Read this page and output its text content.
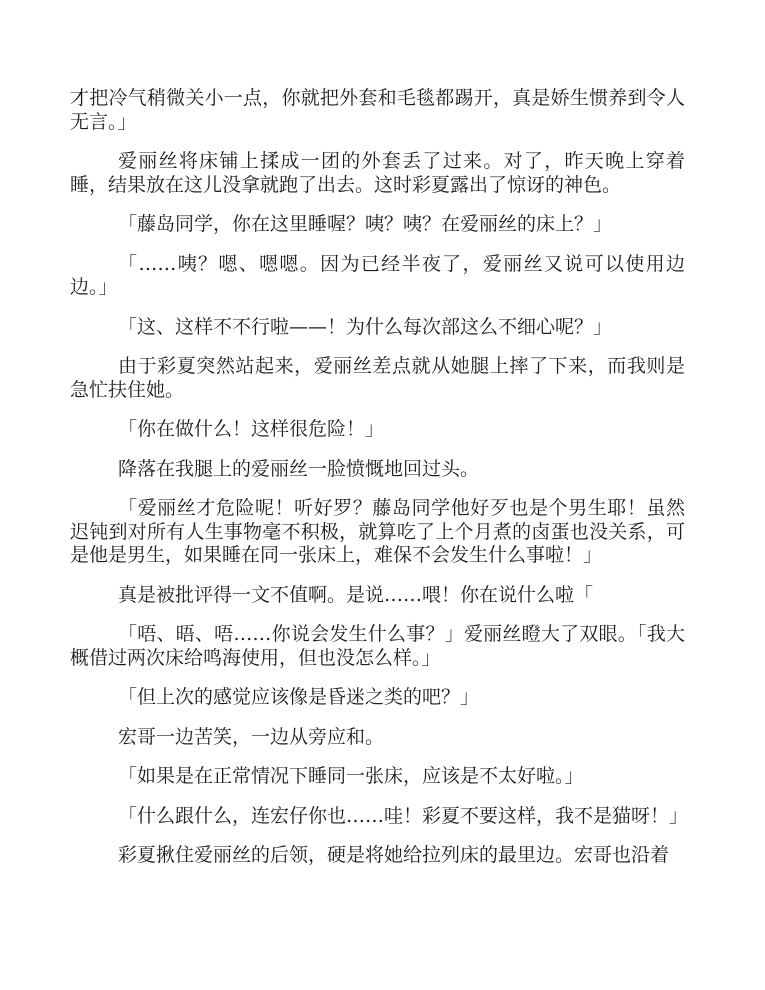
才把冷气稍微关小一点，你就把外套和毛毯都踢开，真是娇生惯养到令人无言。」

爱丽丝将床铺上揉成一团的外套丢了过来。对了，昨天晚上穿着睡，结果放在这儿没拿就跑了出去。这时彩夏露出了惊讶的神色。

「藤岛同学，你在这里睡喔？咦？咦？在爱丽丝的床上？」

「……咦？嗯、嗯嗯。因为已经半夜了，爱丽丝又说可以使用边边。」

「这、这样不不行啦——！为什么每次部这么不细心呢？」

由于彩夏突然站起来，爱丽丝差点就从她腿上摔了下来，而我则是急忙扶住她。

「你在做什么！这样很危险！」

降落在我腿上的爱丽丝一脸愤慨地回过头。

「爱丽丝才危险呢！听好罗？藤岛同学他好歹也是个男生耶！虽然迟钝到对所有人生事物毫不积极，就算吃了上个月煮的卤蛋也没关系，可是他是男生，如果睡在同一张床上，难保不会发生什么事啦！」

真是被批评得一文不值啊。是说……喂！你在说什么啦「

「唔、晤、唔……你说会发生什么事？」爱丽丝瞪大了双眼。「我大概借过两次床给鸣海使用，但也没怎么样。」

「但上次的感觉应该像是昏迷之类的吧？」

宏哥一边苦笑，一边从旁应和。

「如果是在正常情况下睡同一张床，应该是不太好啦。」

「什么跟什么，连宏仔你也……哇！彩夏不要这样，我不是猫呀！」

彩夏揪住爱丽丝的后领，硬是将她给拉列床的最里边。宏哥也沿着
